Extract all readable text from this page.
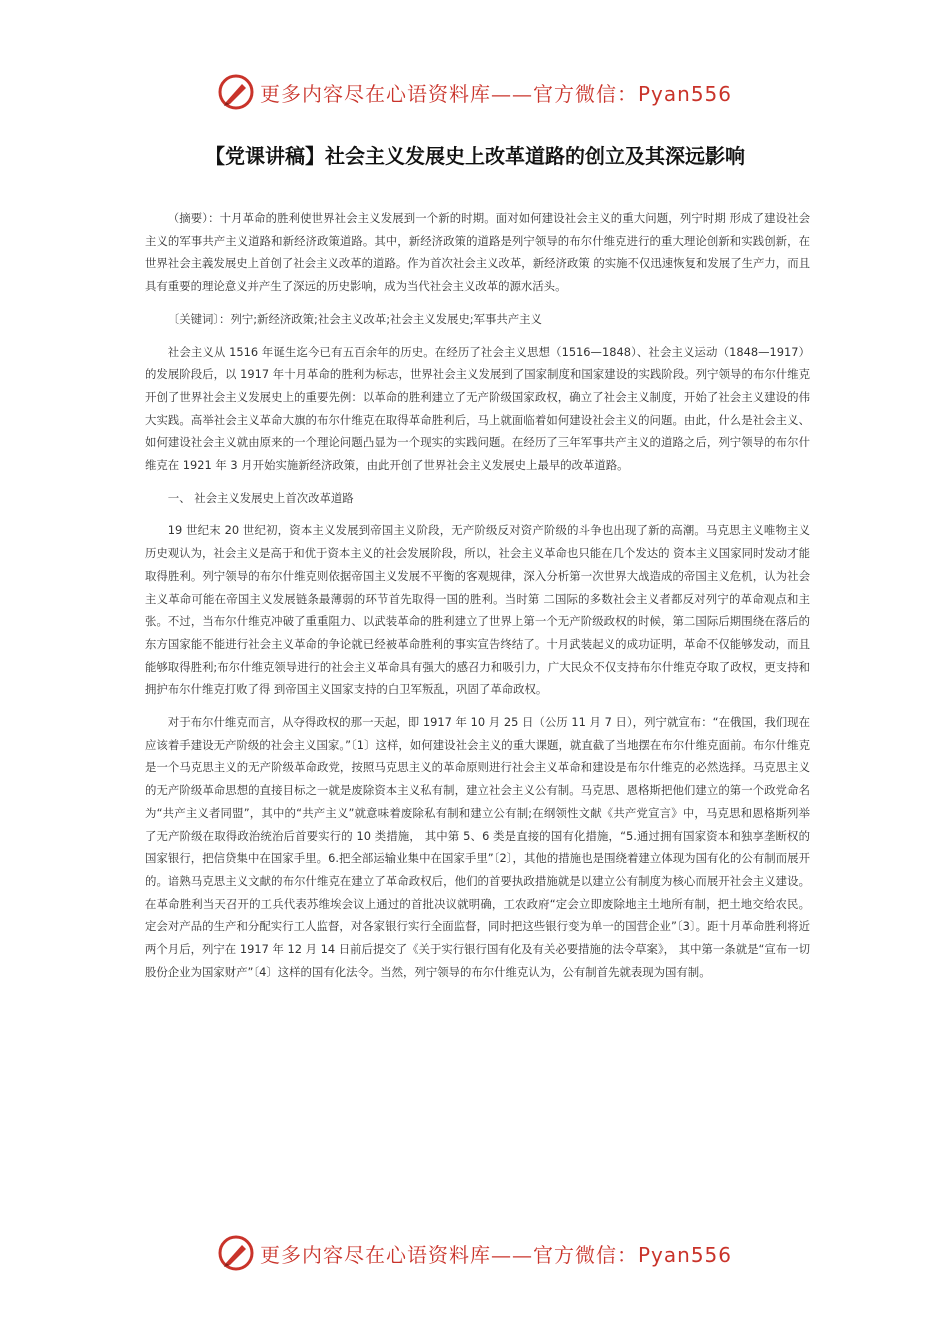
更多内容尽在心语资料库——官方微信：Pyan556
【党课讲稿】社会主义发展史上改革道路的创立及其深远影响

（摘要）：十月革命的胜利使世界社会主义发展到一个新的时期。面对如何建设社会主义的重大问题，列宁时期 形成了建设社会主义的军事共产主义道路和新经济政策道路。其中，新经济政策的道路是列宁领导的布尔什维克进行的重大理论创新和实践创新，在世界社会主義发展史上首创了社会主义改革的道路。作为首次社会主义改革，新经济政策 的实施不仅迅速恢复和发展了生产力，而且具有重要的理论意义并产生了深远的历史影响，成为当代社会主义改革的源水活头。

〔关键词〕：列宁;新经济政策;社会主义改革;社会主义发展史;军事共产主义

社会主义从 1516 年诞生迄今已有五百余年的历史。在经历了社会主义思想（1516—1848）、社会主义运动（1848—1917）的发展阶段后，以 1917 年十月革命的胜利为标志，世界社会主义发展到了国家制度和国家建设的实践阶段。列宁领导的布尔什维克开创了世界社会主义发展史上的重要先例：以革命的胜利建立了无产阶级国家政权，确立了社会主义制度，开始了社会主义建设的伟大实践。高举社会主义革命大旗的布尔什维克在取得革命胜利后，马上就面临着如何建设社会主义的问题。由此，什么是社会主义、如何建设社会主义就由原来的一个理论问题凸显为一个现实的实践问题。在经历了三年军事共产主义的道路之后，列宁领导的布尔什维克在 1921 年 3 月开始实施新经济政策，由此开创了世界社会主义发展史上最早的改革道路。

一、 社会主义发展史上首次改革道路

19 世纪末 20 世纪初，资本主义发展到帝国主义阶段，无产阶级反对资产阶级的斗争也出现了新的高潮。马克思主义唯物主义历史观认为，社会主义是高于和优于资本主义的社会发展阶段，所以，社会主义革命也只能在几个发达的 资本主义国家同时发动才能取得胜利。列宁领导的布尔什维克则依据帝国主义发展不平衡的客观规律，深入分析第一次世界大战造成的帝国主义危机，认为社会主义革命可能在帝国主义发展链条最薄弱的环节首先取得一国的胜利。当时第 二国际的多数社会主义者都反对列宁的革命观点和主张。不过，当布尔什维克冲破了重重阻力、以武装革命的胜利建立了世界上第一个无产阶级政权的时候，第二国际后期围绕在落后的东方国家能不能进行社会主义革命的争论就已经被革命胜利的事实宣告终结了。十月武装起义的成功证明，革命不仅能够发动，而且能够取得胜利;布尔什维克领导进行的社会主义革命具有强大的感召力和吸引力，广大民众不仅支持布尔什维克夺取了政权，更支持和拥护布尔什维克打败了得 到帝国主义国家支持的白卫军叛乱，巩固了革命政权。

对于布尔什维克而言，从夺得政权的那一天起，即 1917 年 10 月 25 日（公历 11 月 7 日），列宁就宣布：“在俄国，我们现在应该着手建设无产阶级的社会主义国家。”〔1〕这样，如何建设社会主义的重大课题，就直截了当地摆在布尔什维克面前。布尔什维克是一个马克思主义的无产阶级革命政党，按照马克思主义的革命原则进行社会主义革命和建设是布尔什维克的必然选择。马克思主义的无产阶级革命思想的直接目标之一就是废除资本主义私有制，建立社会主义公有制。马克思、恩格斯把他们建立的第一个政党命名为“共产主义者同盟”，其中的“共产主义”就意味着废除私有制和建立公有制;在纲领性文献《共产党宣言》中，马克思和恩格斯列举了无产阶级在取得政治统治后首要实行的 10 类措施， 其中第 5、6 类是直接的国有化措施，“5.通过拥有国家资本和独享垄断权的国家银行，把信贷集中在国家手里。6.把全部运输业集中在国家手里”〔2〕，其他的措施也是围绕着建立体现为国有化的公有制而展开的。谙熟马克思主义文献的布尔什维克在建立了革命政权后，他们的首要执政措施就是以建立公有制度为核心而展开社会主义建设。在革命胜利当天召开的工兵代表苏维埃会议上通过的首批决议就明确，工农政府“定会立即废除地主土地所有制，把土地交给农民。定会对产品的生产和分配实行工人监督，对各家银行实行全面监督，同时把这些银行变为单一的国营企业”〔3〕。距十月革命胜利将近两个月后，列宁在 1917 年 12 月 14 日前后提交了《关于实行银行国有化及有关必要措施的法令草案》， 其中第一条就是“宣布一切股份企业为国家财产”〔4〕这样的国有化法令。当然，列宁领导的布尔什维克认为，公有制首先就表现为国有制。

更多内容尽在心语资料库——官方微信：Pyan556
